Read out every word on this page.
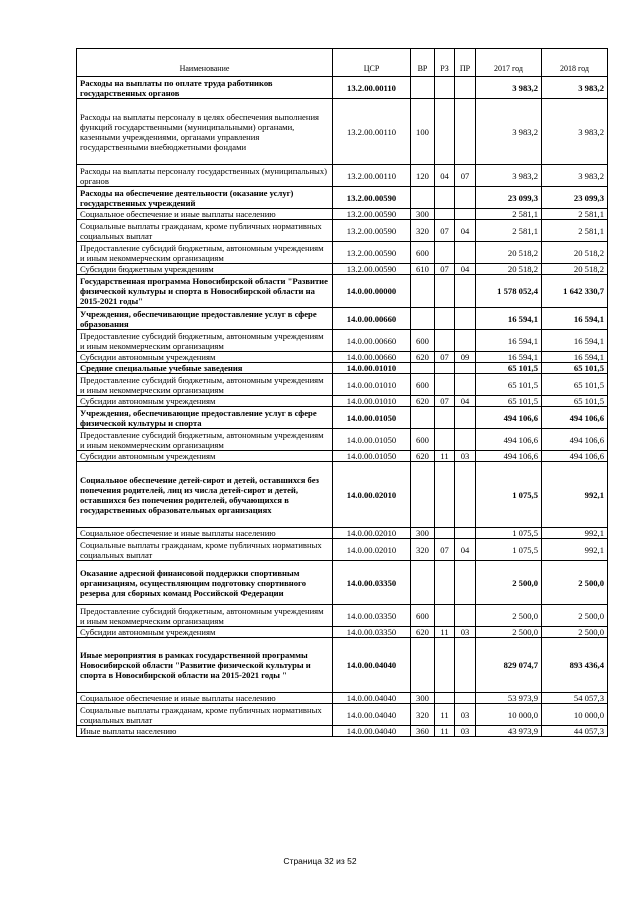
Наименование	ЦСР	ВР	РЗ	ПР	2017 год	2018 год
Расходы на выплаты по оплате труда работников государственных органов	13.2.00.00110				3 983,2	3 983,2
Расходы на выплаты персоналу в целях обеспечения выполнения функций государственными (муниципальными) органами, казенными учреждениями, органами управления государственными внебюджетными фондами	13.2.00.00110	100			3 983,2	3 983,2
Расходы на выплаты персоналу государственных (муниципальных) органов	13.2.00.00110	120	04	07	3 983,2	3 983,2
Расходы на обеспечение деятельности (оказание услуг) государственных учреждений	13.2.00.00590				23 099,3	23 099,3
Социальное обеспечение и иные выплаты населению	13.2.00.00590	300			2 581,1	2 581,1
Социальные выплаты гражданам, кроме публичных нормативных социальных выплат	13.2.00.00590	320	07	04	2 581,1	2 581,1
Предоставление субсидий бюджетным, автономным учреждениям и иным некоммерческим организациям	13.2.00.00590	600			20 518,2	20 518,2
Субсидии бюджетным учреждениям	13.2.00.00590	610	07	04	20 518,2	20 518,2
Государственная программа Новосибирской области "Развитие физической культуры и спорта в Новосибирской области на 2015-2021 годы"	14.0.00.00000				1 578 052,4	1 642 330,7
Учреждения, обеспечивающие предоставление услуг в сфере образования	14.0.00.00660				16 594,1	16 594,1
Предоставление субсидий бюджетным, автономным учреждениям и иным некоммерческим организациям	14.0.00.00660	600			16 594,1	16 594,1
Субсидии автономным учреждениям	14.0.00.00660	620	07	09	16 594,1	16 594,1
Средние специальные учебные заведения	14.0.00.01010				65 101,5	65 101,5
Предоставление субсидий бюджетным, автономным учреждениям и иным некоммерческим организациям	14.0.00.01010	600			65 101,5	65 101,5
Субсидии автономным учреждениям	14.0.00.01010	620	07	04	65 101,5	65 101,5
Учреждения, обеспечивающие предоставление услуг в сфере физической культуры и спорта	14.0.00.01050				494 106,6	494 106,6
Предоставление субсидий бюджетным, автономным учреждениям и иным некоммерческим организациям	14.0.00.01050	600			494 106,6	494 106,6
Субсидии автономным учреждениям	14.0.00.01050	620	11	03	494 106,6	494 106,6
Социальное обеспечение детей-сирот и детей, оставшихся без попечения родителей, лиц из числа детей-сирот и детей, оставшихся без попечения родителей, обучающихся в государственных образовательных организациях	14.0.00.02010				1 075,5	992,1
Социальное обеспечение и иные выплаты населению	14.0.00.02010	300			1 075,5	992,1
Социальные выплаты гражданам, кроме публичных нормативных социальных выплат	14.0.00.02010	320	07	04	1 075,5	992,1
Оказание адресной финансовой поддержки спортивным организациям, осуществляющим подготовку спортивного резерва для сборных команд Российской Федерации	14.0.00.03350				2 500,0	2 500,0
Предоставление субсидий бюджетным, автономным учреждениям и иным некоммерческим организациям	14.0.00.03350	600			2 500,0	2 500,0
Субсидии автономным учреждениям	14.0.00.03350	620	11	03	2 500,0	2 500,0
Иные мероприятия в рамках государственной программы Новосибирской области "Развитие физической культуры и спорта в Новосибирской области на 2015-2021 годы "	14.0.00.04040				829 074,7	893 436,4
Социальное обеспечение и иные выплаты населению	14.0.00.04040	300			53 973,9	54 057,3
Социальные выплаты гражданам, кроме публичных нормативных социальных выплат	14.0.00.04040	320	11	03	10 000,0	10 000,0
Иные выплаты населению	14.0.00.04040	360	11	03	43 973,9	44 057,3
Страница 32 из 52
